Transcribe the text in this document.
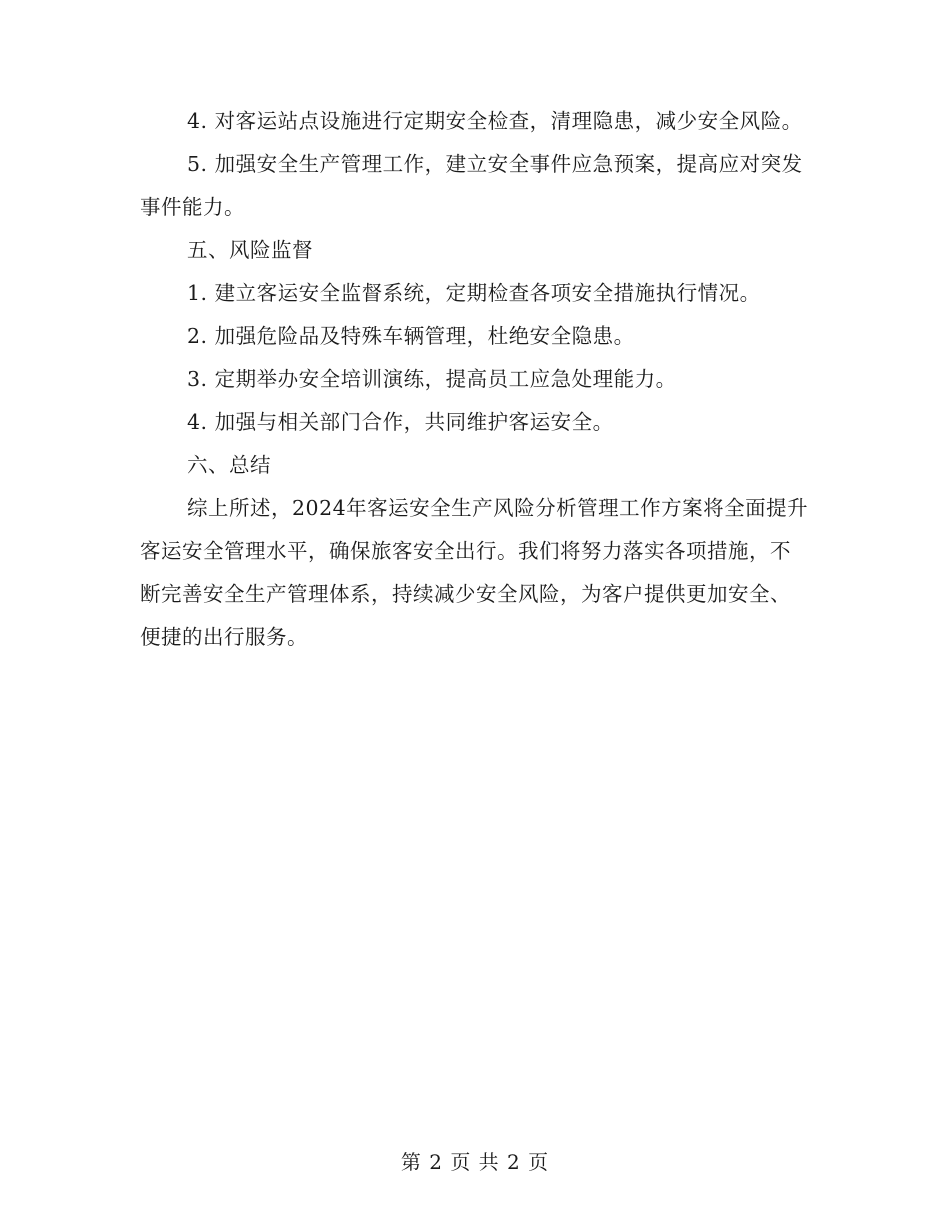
4. 对客运站点设施进行定期安全检查，清理隐患，减少安全风险。

5. 加强安全生产管理工作，建立安全事件应急预案，提高应对突发事件能力。

五、风险监督

1. 建立客运安全监督系统，定期检查各项安全措施执行情况。

2. 加强危险品及特殊车辆管理，杜绝安全隐患。

3. 定期举办安全培训演练，提高员工应急处理能力。

4. 加强与相关部门合作，共同维护客运安全。

六、总结

综上所述，2024年客运安全生产风险分析管理工作方案将全面提升客运安全管理水平，确保旅客安全出行。我们将努力落实各项措施，不断完善安全生产管理体系，持续减少安全风险，为客户提供更加安全、便捷的出行服务。

第 2 页 共 2 页
